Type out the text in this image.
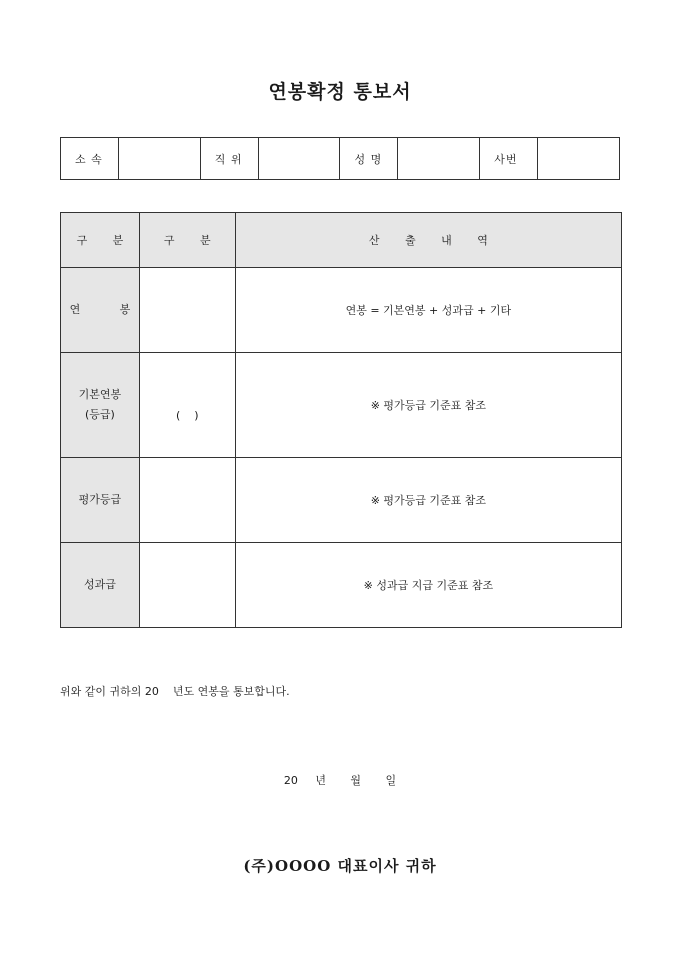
연봉확정 통보서
소 속		직 위		성 명		사번	
구 분	구 분	산 출 내 역
연 봉		연봉 = 기본연봉 + 성과급 + 기타

기본연봉
(등급)	(    )	※ 평가등급 기준표 참조
평가등급		※ 평가등급 기준표 참조
성과급		※ 성과급 지급 기준표 참조
위와 같이 귀하의 20    년도 연봉을 통보합니다.
20     년       월       일
(주)OOOO 대표이사 귀하
